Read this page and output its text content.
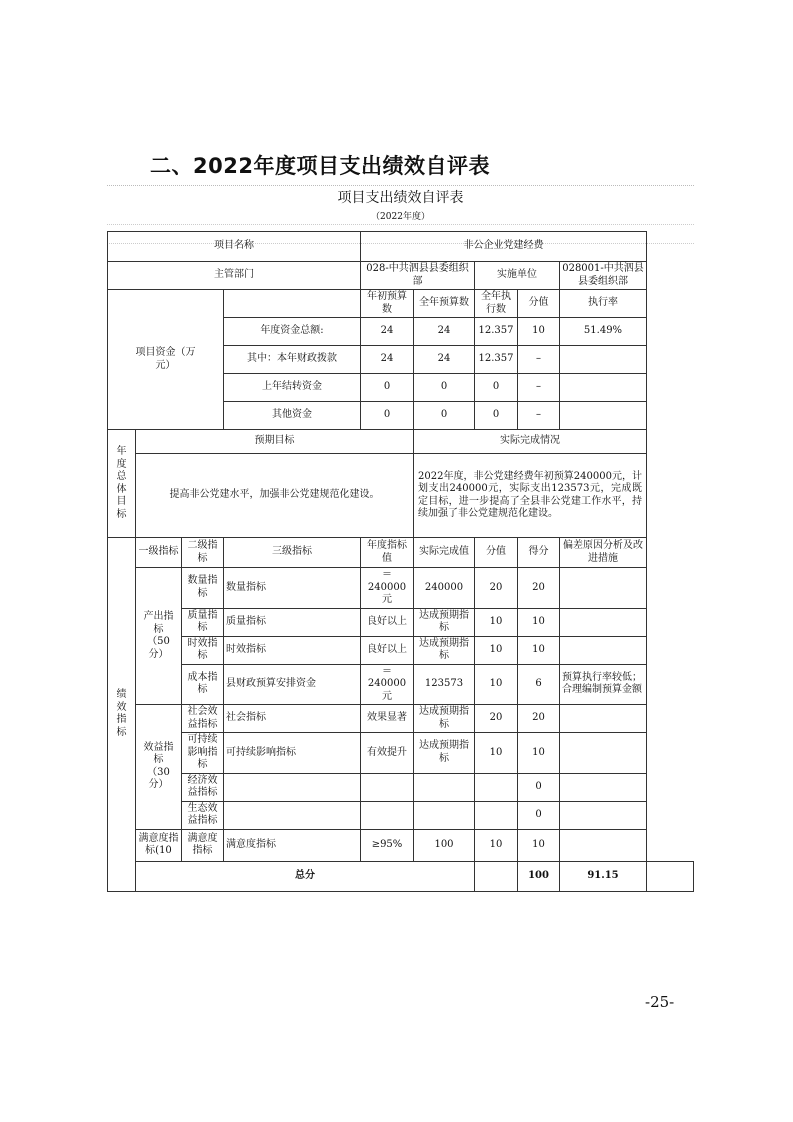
二、2022年度项目支出绩效自评表
项目支出绩效自评表
（2022年度）
项目名称				非公企业党建经费					
主管部门				028-中共泗县县委组织部		实施单位		028001-中共泗县县委组织部	
项目资金（万元）				年初预算数	全年预算数	全年执行数	分值	执行率	
			年度资金总额:	24	24	12.357	10	51.49%	
			其中：本年财政拨款	24	24	12.357	–		
			上年结转资金	0	0	0	–		
			其他资金	0	0	0	–		
年度总体目标	预期目标				实际完成情况				
	提高非公党建水平，加强非公党建规范化建设。				2022年度，非公党建经费年初预算240000元，计划支出240000元，实际支出123573元，完成既定目标，进一步提高了全县非公党建工作水平，持续加强了非公党建规范化建设。				
绩效指标	一级指标	二级指标	三级指标	年度指标值	实际完成值	分值	得分	偏差原因分析及改进措施	
	产出指标（50分）	数量指标	数量指标	＝240000元	240000	20	20		
		质量指标	质量指标	良好以上	达成预期指标	10	10		
		时效指标	时效指标	良好以上	达成预期指标	10	10		
		成本指标	县财政预算安排资金	＝240000元	123573	10	6	预算执行率较低；合理编制预算金额	
	效益指标（30分）	社会效益指标	社会指标	效果显著	达成预期指标	20	20		
		可持续影响指标	可持续影响指标	有效提升	达成预期指标	10	10		
		经济效益指标					0		
		生态效益指标					0		
	满意度指标(10	满意度指标	满意度指标	≥95%	100	10	10		
	总分						100	91.15	
-25-
